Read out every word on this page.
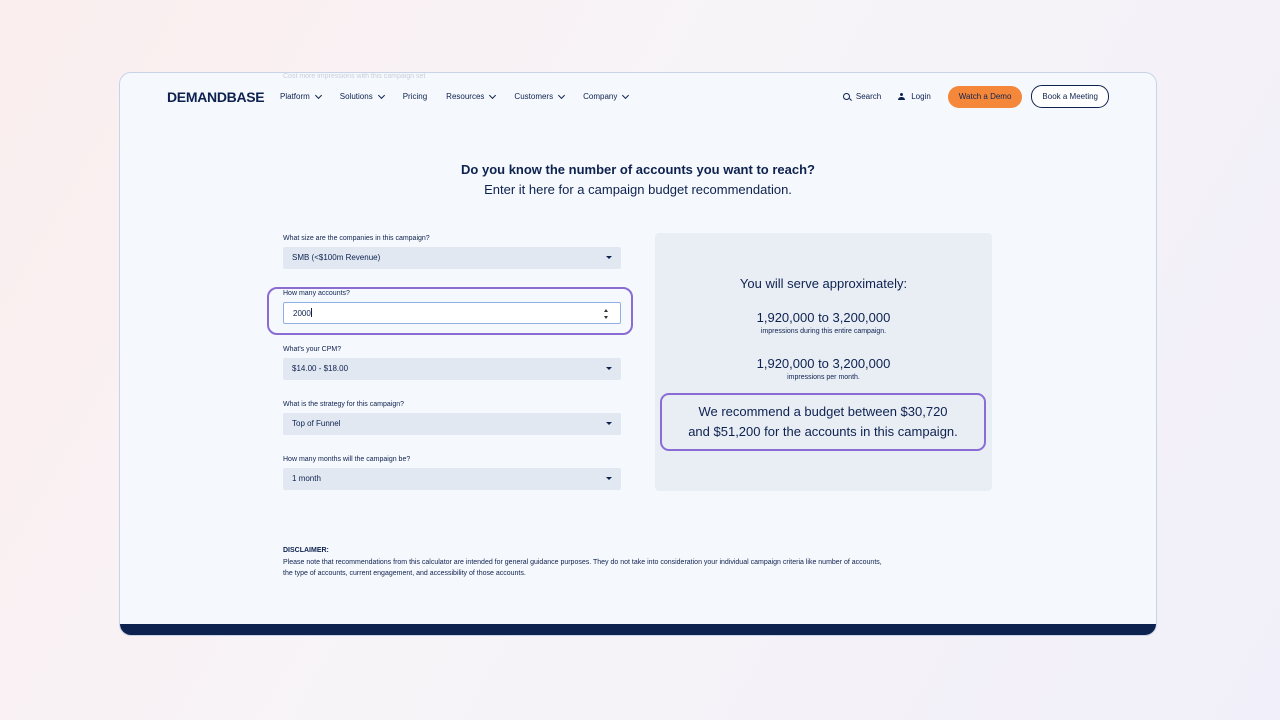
Cost more impressions with this campaign set
DEMANDBASE Platform	Solutions	Pricing Resources	Customers	Company	Search	Login	Watch a Demo	Book a Meeting
Do you know the number of accounts you want to reach?
Enter it here for a campaign budget recommendation.
What size are the companies in this campaign?
SMB (<$100m Revenue)
How many accounts?
2000
What's your CPM?
$14.00 - $18.00
What is the strategy for this campaign?
Top of Funnel
How many months will the campaign be?
1 month
You will serve approximately:
1,920,000 to 3,200,000
impressions during this entire campaign.
1,920,000 to 3,200,000
impressions per month.
We recommend a budget between $30,720
and $51,200 for the accounts in this campaign.
DISCLAIMER:
Please note that recommendations from this calculator are intended for general guidance purposes. They do not take into consideration your individual campaign criteria like number of accounts,
the type of accounts, current engagement, and accessibility of those accounts.
